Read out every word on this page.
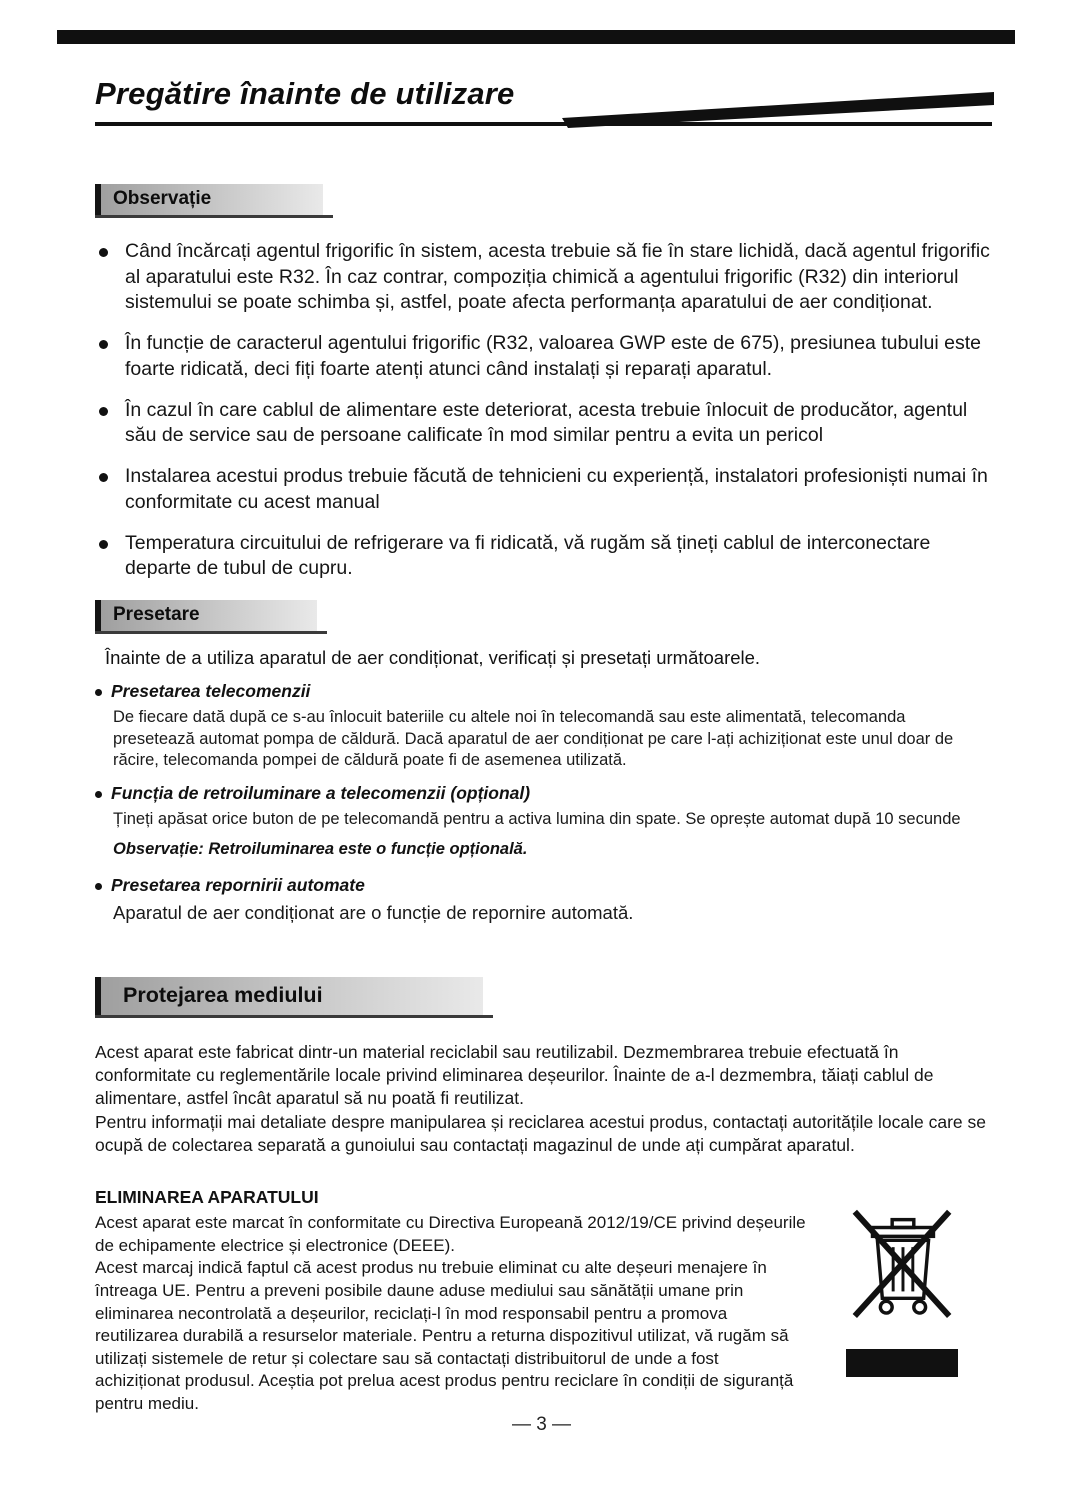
Pregătire înainte de utilizare
Observație
Când încărcați agentul frigorific în sistem, acesta trebuie să fie în stare lichidă, dacă agentul frigorific al aparatului este R32. În caz contrar, compoziția chimică a agentului frigorific (R32) din interiorul sistemului se poate schimba și, astfel, poate afecta performanța aparatului de aer condiționat.
În funcție de caracterul agentului frigorific (R32, valoarea GWP este de 675), presiunea tubului este foarte ridicată, deci fiți foarte atenți atunci când instalați și reparați aparatul.
În cazul în care cablul de alimentare este deteriorat, acesta trebuie înlocuit de producător, agentul său de service sau de persoane calificate în mod similar pentru a evita un pericol
Instalarea acestui produs trebuie făcută de tehnicieni cu experiență, instalatori profesioniști numai în conformitate cu acest manual
Temperatura circuitului de refrigerare va fi ridicată, vă rugăm să țineți cablul de interconectare departe de tubul de cupru.
Presetare
Înainte de a utiliza aparatul de aer condiționat, verificați și presetați următoarele.
Presetarea telecomenzii
De fiecare dată după ce s-au înlocuit bateriile cu altele noi în telecomandă sau este alimentată, telecomanda presetează automat pompa de căldură. Dacă aparatul de aer condiționat pe care l-ați achiziționat este unul doar de răcire, telecomanda pompei de căldură poate fi de asemenea utilizată.
Funcția de retroiluminare a telecomenzii (opțional)
Țineți apăsat orice buton de pe telecomandă pentru a activa lumina din spate. Se oprește automat după 10 secunde
Observație: Retroiluminarea este o funcție opțională.
Presetarea repornirii automate
Aparatul de aer condiționat are o funcție de repornire automată.
Protejarea mediului

Acest aparat este fabricat dintr-un material reciclabil sau reutilizabil. Dezmembrarea trebuie efectuată în conformitate cu reglementările locale privind eliminarea deșeurilor. Înainte de a-l dezmembra, tăiați cablul de alimentare, astfel încât aparatul să nu poată fi reutilizat.

Pentru informații mai detaliate despre manipularea și reciclarea acestui produs, contactați autoritățile locale care se ocupă de colectarea separată a gunoiului sau contactați magazinul de unde ați cumpărat aparatul.

ELIMINAREA APARATULUI

Acest aparat este marcat în conformitate cu Directiva Europeană 2012/19/CE privind deșeurile de echipamente electrice și electronice (DEEE).

Acest marcaj indică faptul că acest produs nu trebuie eliminat cu alte deșeuri menajere în întreaga UE. Pentru a preveni posibile daune aduse mediului sau sănătății umane prin eliminarea necontrolată a deșeurilor, reciclați-l în mod responsabil pentru a promova reutilizarea durabilă a resurselor materiale. Pentru a returna dispozitivul utilizat, vă rugăm să utilizați sistemele de retur și colectare sau să contactați distribuitorul de unde a fost achiziționat produsul. Aceștia pot prelua acest produs pentru reciclare în condiții de siguranță pentru mediu.

— 3 —
